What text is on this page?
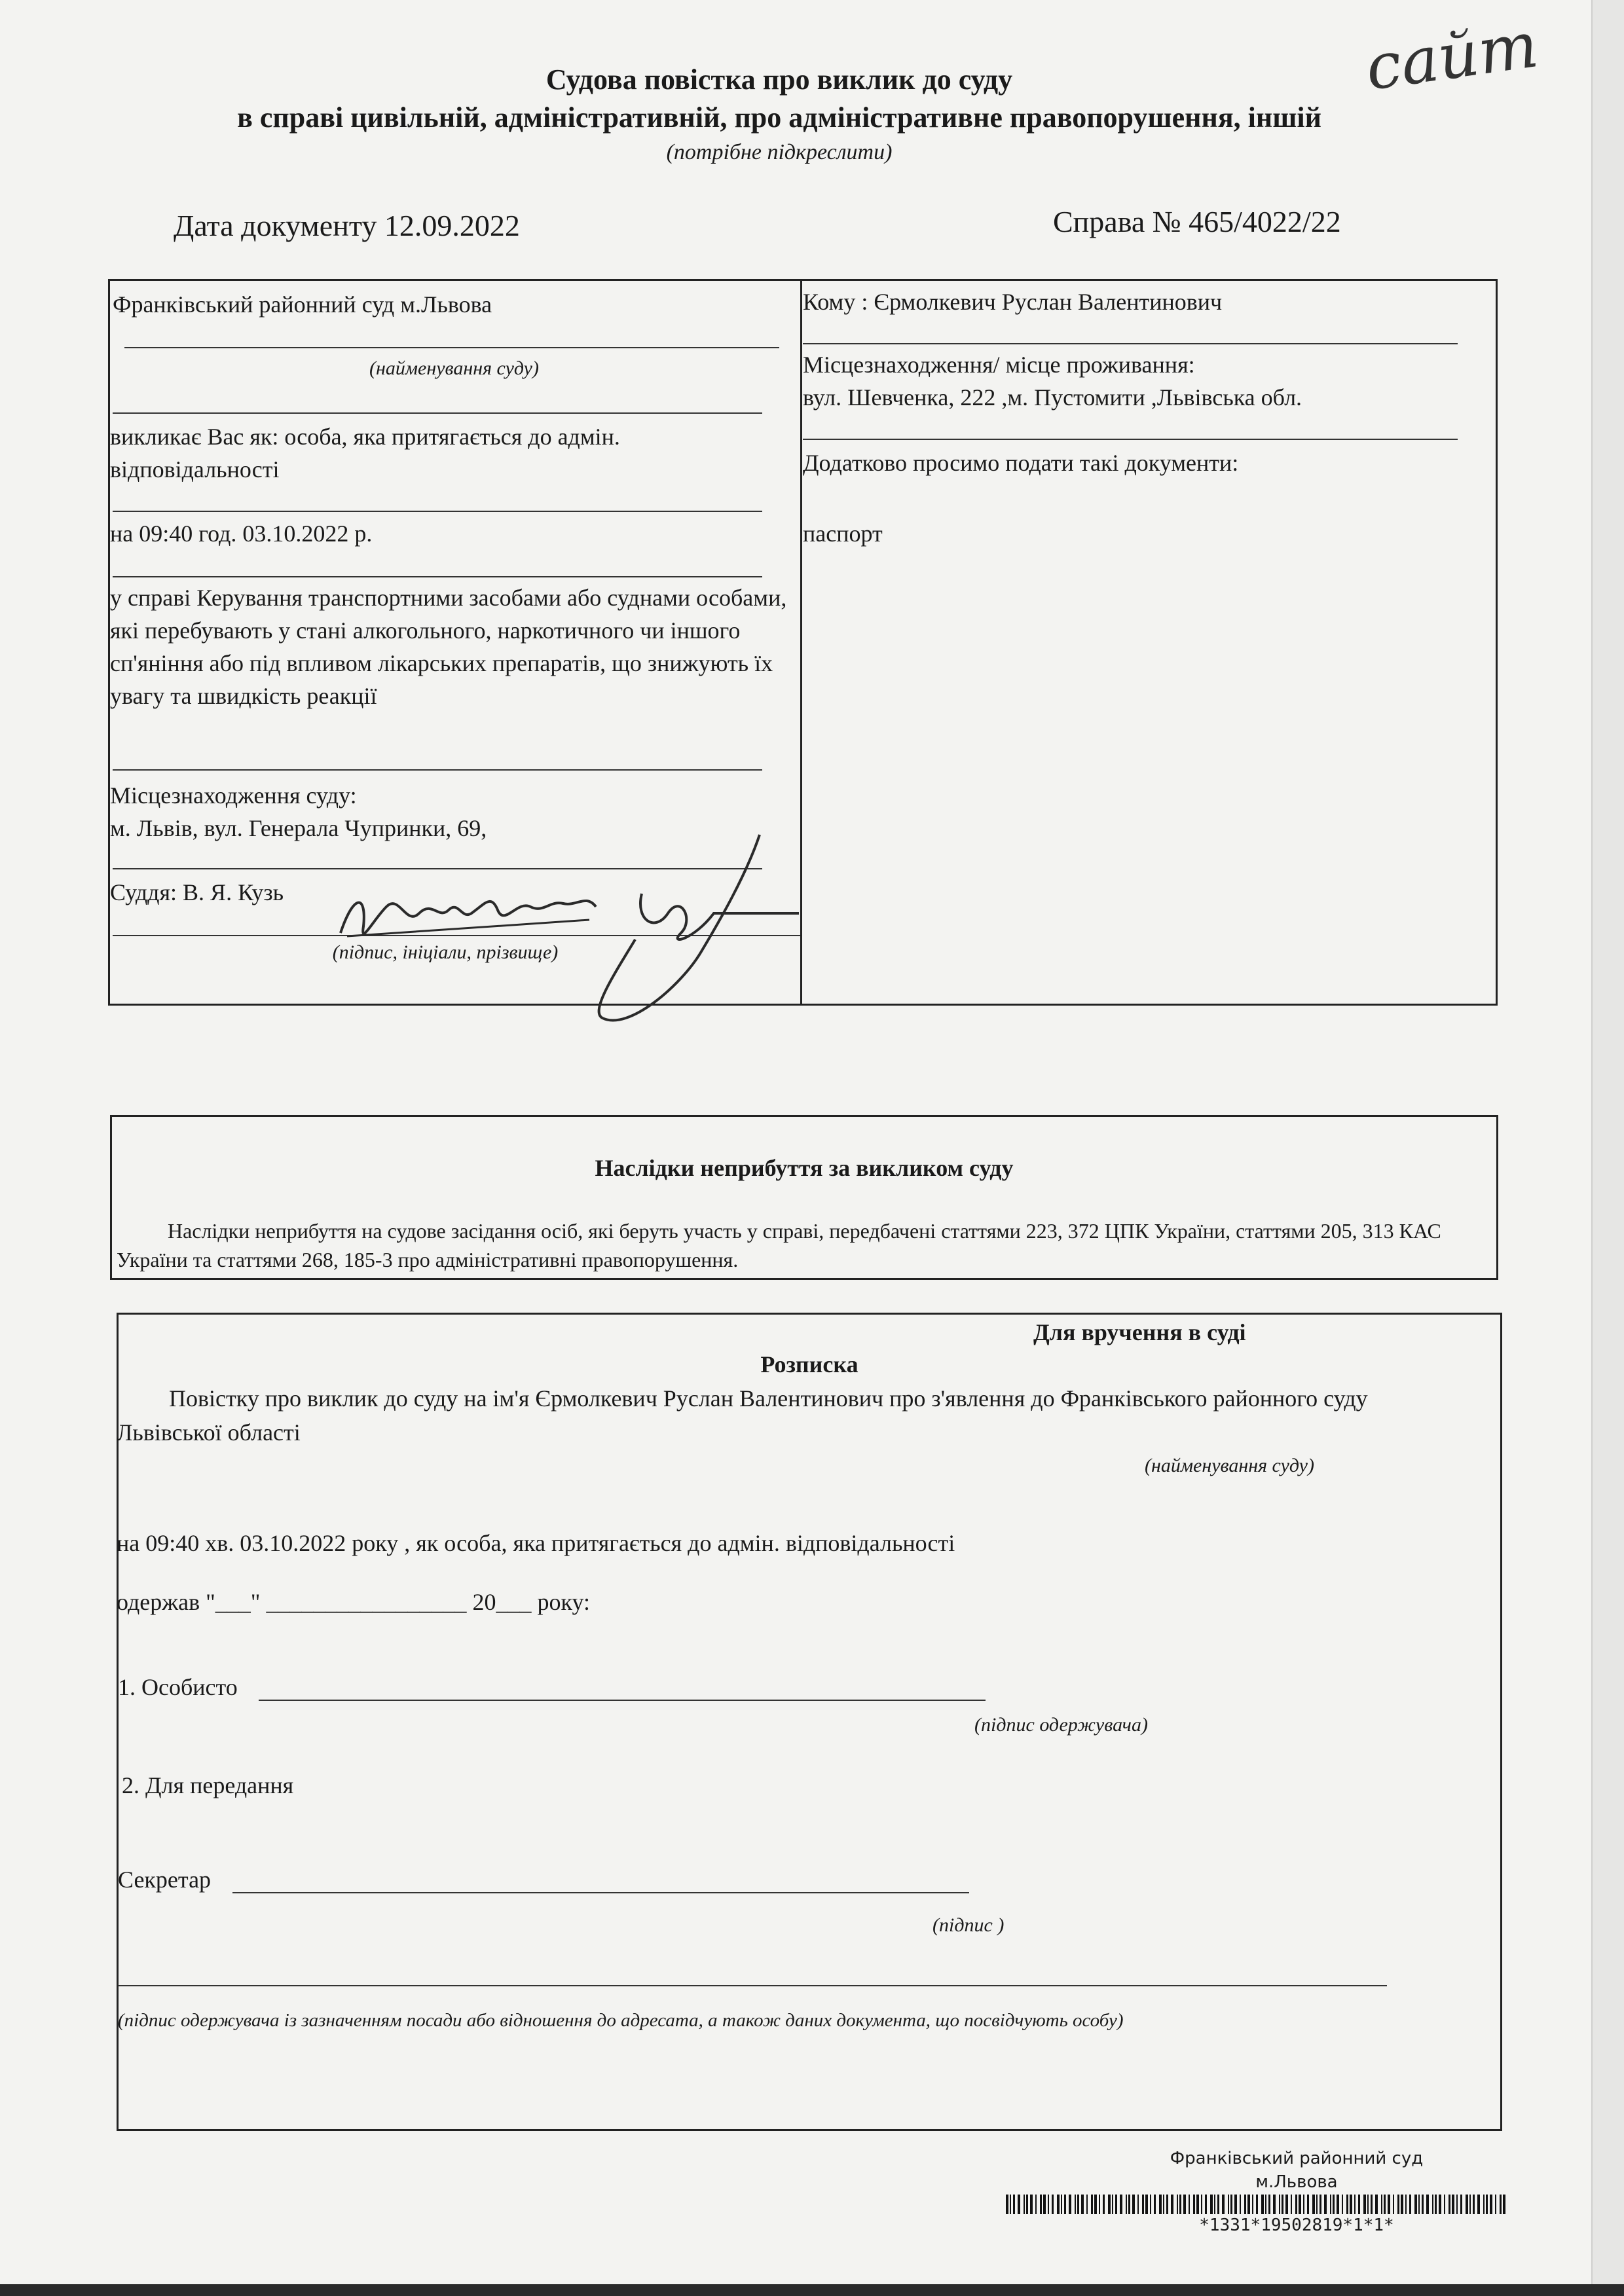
сайт
Судова повістка про виклик до суду
в справі цивільній, адміністративній, про адміністративне правопорушення, іншій
(потрібне підкреслити)
Дата документу 12.09.2022	Справа № 465/4022/22
Франківський районний суд м.Львова
(найменування суду)
викликає Вас як: особа, яка притягається до адмін. відповідальності
на 09:40 год. 03.10.2022 р.
у справі Керування транспортними засобами або суднами особами, які перебувають у стані алкогольного, наркотичного чи іншого сп'яніння або під впливом лікарських препаратів, що знижують їх увагу та швидкість реакції
Місцезнаходження суду:
м. Львів, вул. Генерала Чупринки, 69,
Суддя: В. Я. Кузь
(підпис, ініціали, прізвище)
Кому : Єрмолкевич Руслан Валентинович
Місцезнаходження/ місце проживання:
вул. Шевченка, 222 ,м. Пустомити ,Львівська обл.
Додатково просимо подати такі документи:
паспорт
Наслідки неприбуття за викликом суду
Наслідки неприбуття на судове засідання осіб, які беруть участь у справі, передбачені статтями 223, 372 ЦПК України, статтями 205, 313 КАС України та статтями 268, 185-3 про адміністративні правопорушення.
Для вручення в суді
Розписка
Повістку про виклик до суду на ім'я Єрмолкевич Руслан Валентинович про з'явлення до Франківського районного суду Львівської області
(найменування суду)
на 09:40 хв. 03.10.2022 року , як особа, яка притягається до адмін. відповідальності
одержав "___" _________________ 20___ року:
1. Особисто
(підпис одержувача)
2. Для передання
Секретар
(підпис )
(підпис одержувача із зазначенням посади або відношення до адресата, а також даних документа, що посвідчують особу)
Франківський районний суд
м.Львова
*1331*19502819*1*1*
